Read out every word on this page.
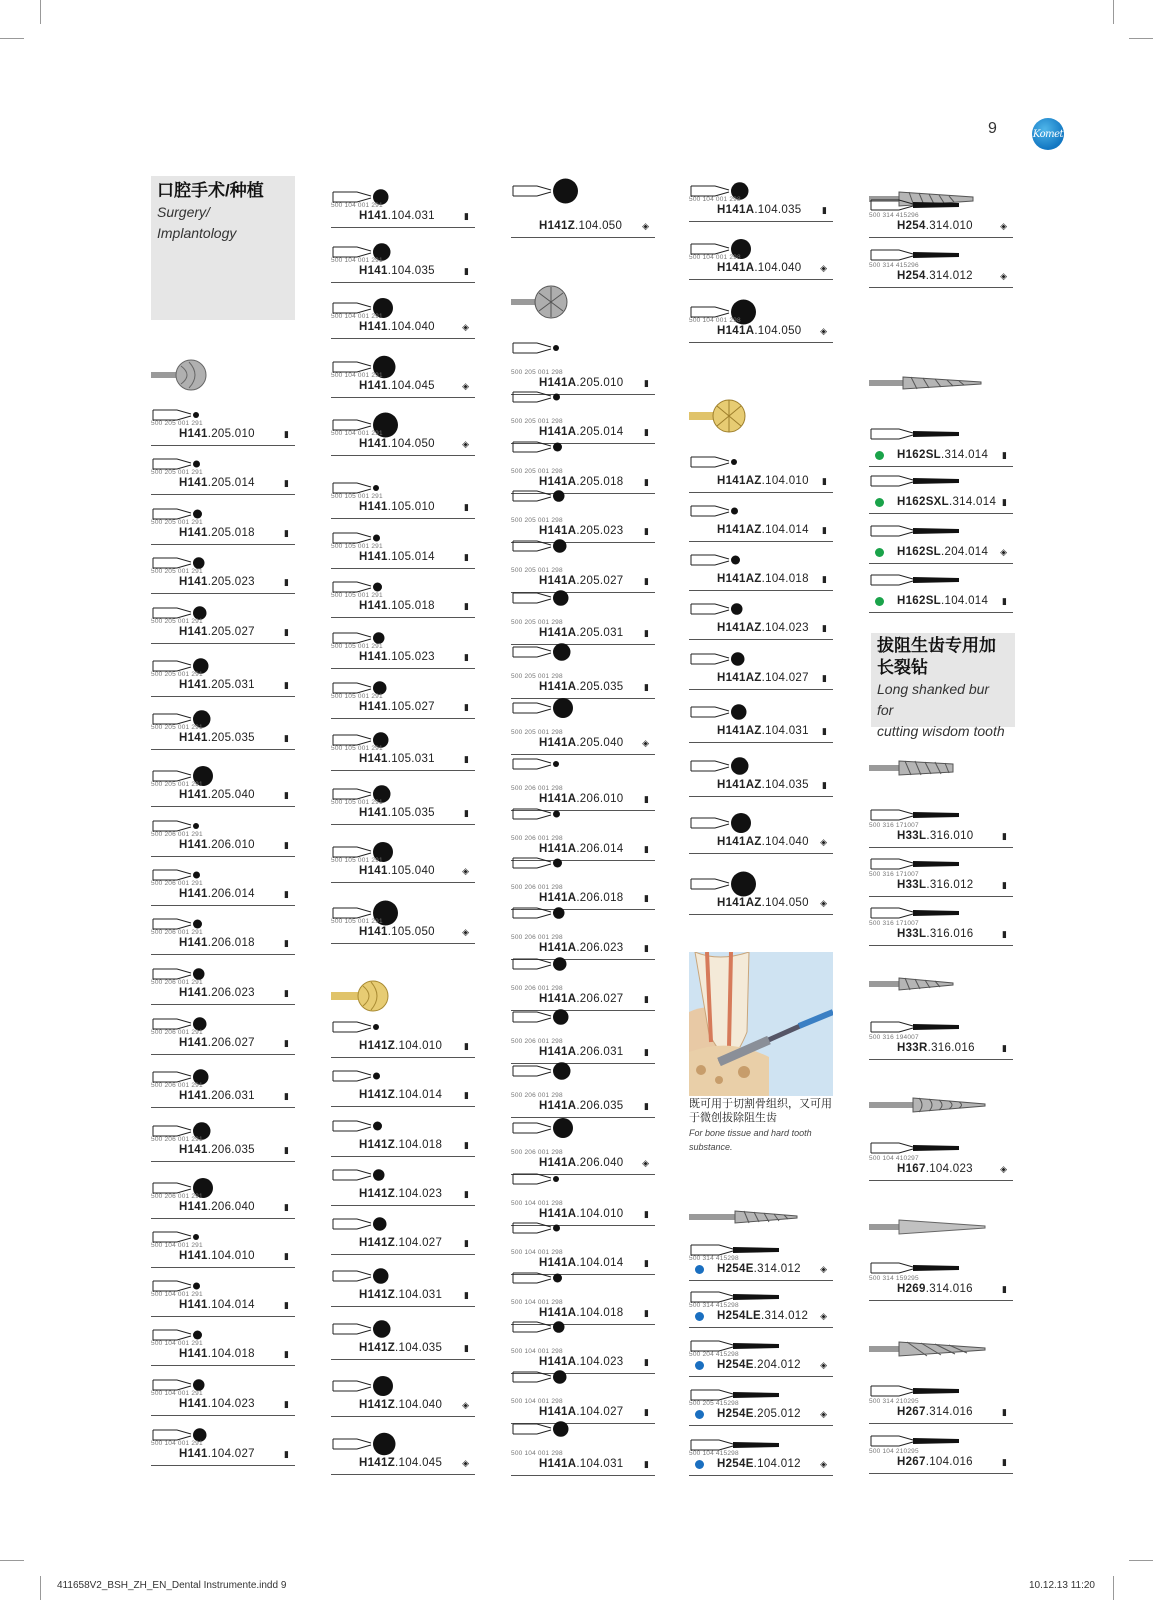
9	Komet
口腔手术/种植
Surgery/
Implantology
拔阻生齿专用加
长裂钻
Long shanked bur for
cutting wisdom tooth
既可用于切割骨组织，又可用
于微创拔除阻生齿
For bone tissue and hard tooth
substance.
500 205 001 291
H141.205.010	▮
500 205 001 291
H141.205.014	▮
500 205 001 291
H141.205.018	▮
500 205 001 291
H141.205.023	▮
500 205 001 291
H141.205.027	▮
500 205 001 291
H141.205.031	▮
500 205 001 291
H141.205.035	▮
500 205 001 291
H141.205.040	▮
500 206 001 291
H141.206.010	▮
500 206 001 291
H141.206.014	▮
500 206 001 291
H141.206.018	▮
500 206 001 291
H141.206.023	▮
500 206 001 291
H141.206.027	▮
500 206 001 291
H141.206.031	▮
500 206 001 291
H141.206.035	▮
500 206 001 291
H141.206.040	▮
500 104 001 291
H141.104.010	▮
500 104 001 291
H141.104.014	▮
500 104 001 291
H141.104.018	▮
500 104 001 291
H141.104.023	▮
500 104 001 291
H141.104.027	▮
500 104 001 291
H141.104.031	▮
500 104 001 291
H141.104.035	▮
500 104 001 291
H141.104.040	◈
500 104 001 291
H141.104.045	◈
500 104 001 291
H141.104.050	◈
500 105 001 291
H141.105.010	▮
500 105 001 291
H141.105.014	▮
500 105 001 291
H141.105.018	▮
500 105 001 291
H141.105.023	▮
500 105 001 291
H141.105.027	▮
500 105 001 291
H141.105.031	▮
500 105 001 291
H141.105.035	▮
500 105 001 291
H141.105.040	◈
500 105 001 291
H141.105.050	◈
H141Z.104.010 ▮
H141Z.104.014 ▮
H141Z.104.018 ▮
H141Z.104.023 ▮
H141Z.104.027 ▮
H141Z.104.031 ▮
H141Z.104.035 ▮
H141Z.104.040 ◈
H141Z.104.045 ◈
H141Z.104.050 ◈
500 205 001 298
H141A.205.010 ▮
500 205 001 298
H141A.205.014 ▮
500 205 001 298
H141A.205.018 ▮
500 205 001 298
H141A.205.023 ▮
500 205 001 298
H141A.205.027 ▮
500 205 001 298
H141A.205.031 ▮
500 205 001 298
H141A.205.035 ▮
500 205 001 298
H141A.205.040 ◈
500 206 001 298
H141A.206.010 ▮
500 206 001 298
H141A.206.014 ▮
500 206 001 298
H141A.206.018 ▮
500 206 001 298
H141A.206.023 ▮
500 206 001 298
H141A.206.027 ▮
500 206 001 298
H141A.206.031 ▮
500 206 001 298
H141A.206.035 ▮
500 206 001 298
H141A.206.040 ◈
500 104 001 298
H141A.104.010 ▮
500 104 001 298
H141A.104.014 ▮
500 104 001 298
H141A.104.018 ▮
500 104 001 298
H141A.104.023 ▮
500 104 001 298
H141A.104.027 ▮
500 104 001 298
H141A.104.031 ▮
500 104 001 298
H141A.104.035 ▮
500 104 001 298
H141A.104.040 ◈
500 104 001 298
H141A.104.050 ◈
H141AZ.104.010 ▮
H141AZ.104.014 ▮
H141AZ.104.018 ▮
H141AZ.104.023 ▮
H141AZ.104.027 ▮
H141AZ.104.031 ▮
H141AZ.104.035 ▮
H141AZ.104.040 ◈
H141AZ.104.050 ◈
500 314 415298
H254E.314.012 ◈
500 314 415298
H254LE.314.012 ◈
500 204 415298
H254E.204.012 ◈
500 205 415298
H254E.205.012 ◈
500 104 415298
H254E.104.012 ◈
500 314 415296
H254.314.010	◈
500 314 415296
H254.314.012	◈
H162SL.314.014 ▮
H162SXL.314.014 ▮
H162SL.204.014 ◈
H162SL.104.014 ▮
500 316 171007
H33L.316.010	▮
500 316 171007
H33L.316.012	▮
500 316 171007
H33L.316.016	▮
500 316 194007
H33R.316.016	▮
500 104 410297
H167.104.023	◈
500 314 159295
H269.314.016	▮
500 314 210295
H267.314.016	▮
500 104 210295
H267.104.016	▮
411658V2_BSH_ZH_EN_Dental Instrumente.indd 9	10.12.13 11:20
